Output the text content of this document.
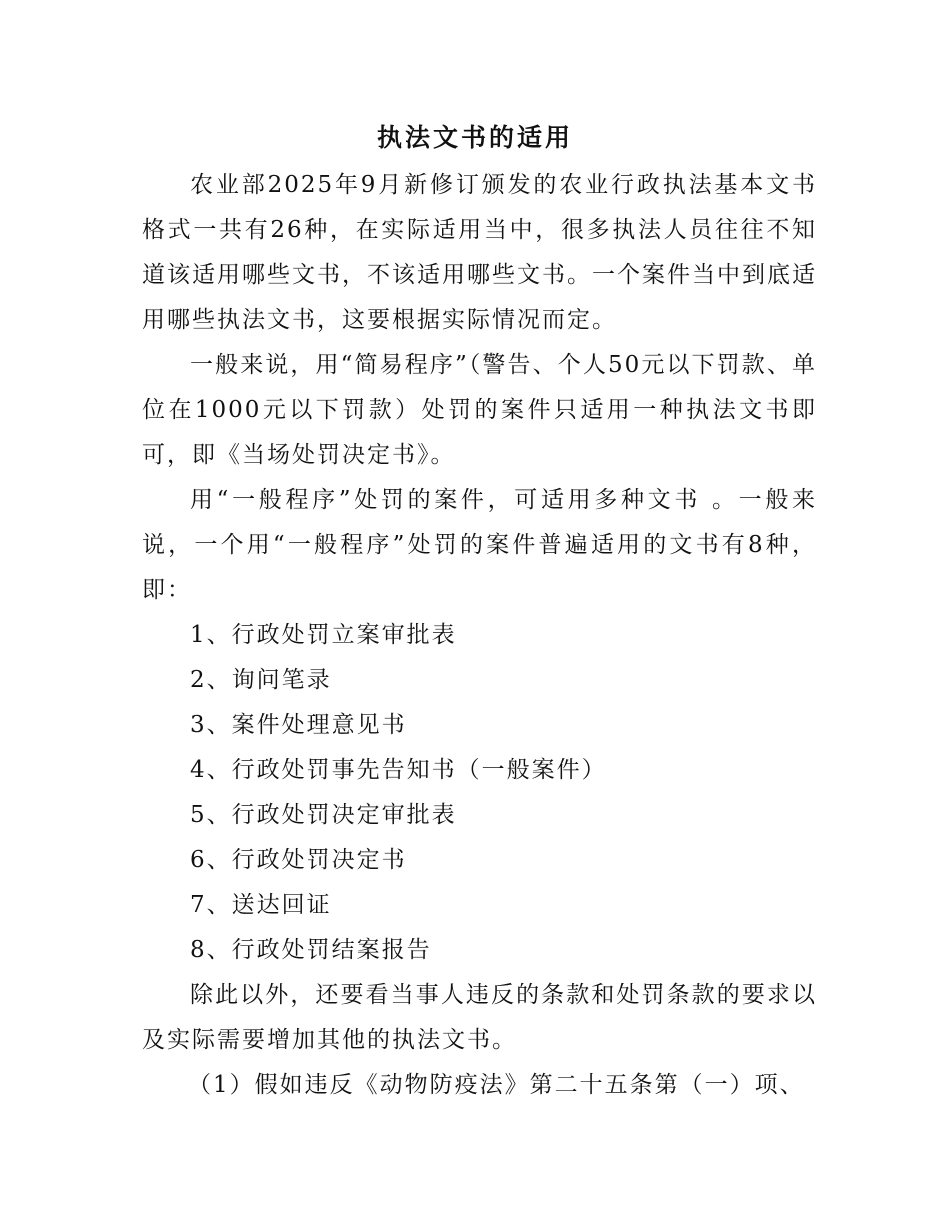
执法文书的适用

农业部2025年9月新修订颁发的农业行政执法基本文书格式一共有26种，在实际适用当中，很多执法人员往往不知道该适用哪些文书，不该适用哪些文书。一个案件当中到底适用哪些执法文书，这要根据实际情况而定。

一般来说，用“简易程序”（警告、个人50元以下罚款、单位在1000元以下罚款）处罚的案件只适用一种执法文书即可，即《当场处罚决定书》。

用“一般程序”处罚的案件，可适用多种文书 。一般来说，一个用“一般程序”处罚的案件普遍适用的文书有8种，即：

1、行政处罚立案审批表
2、询问笔录
3、案件处理意见书
4、行政处罚事先告知书（一般案件）
5、行政处罚决定审批表
6、行政处罚决定书
7、送达回证
8、行政处罚结案报告

除此以外，还要看当事人违反的条款和处罚条款的要求以及实际需要增加其他的执法文书。

（1）假如违反《动物防疫法》第二十五条第（一）项、
